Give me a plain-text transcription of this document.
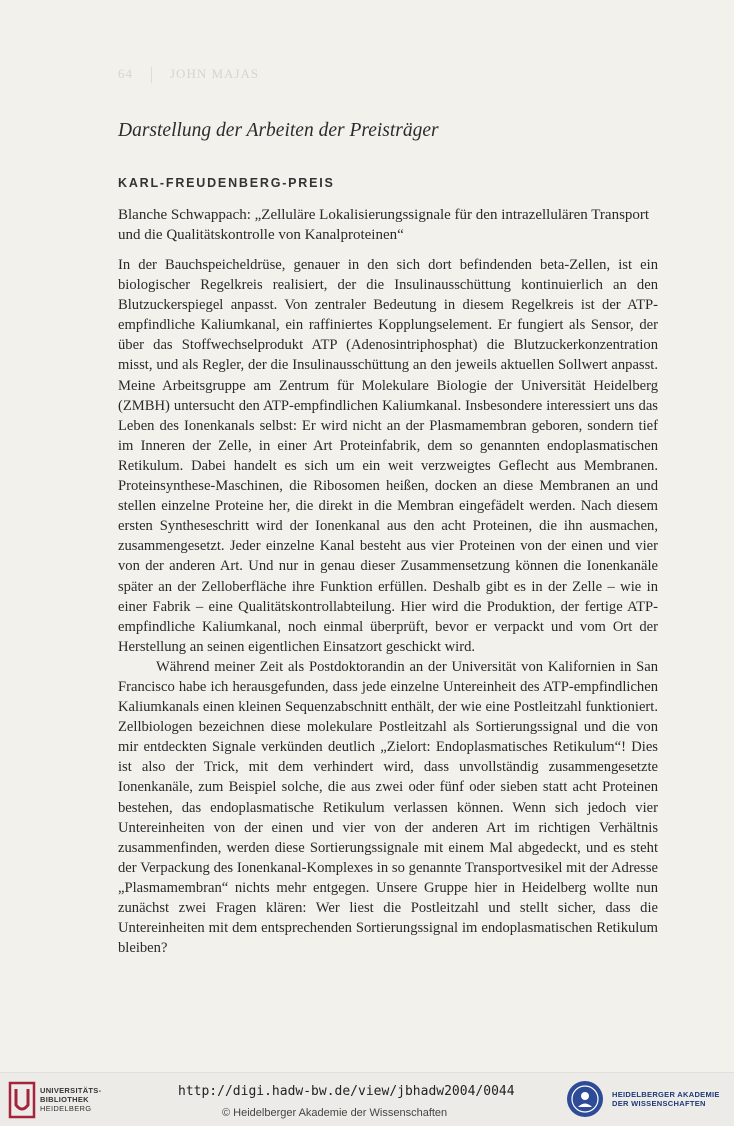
64	JOHN MAJAS
Darstellung der Arbeiten der Preisträger
KARL-FREUDENBERG-PREIS
Blanche Schwappach: „Zelluläre Lokalisierungssignale für den intrazellulären Transport und die Qualitätskontrolle von Kanalproteinen“

In der Bauchspeicheldrüse, genauer in den sich dort befindenden beta-Zellen, ist ein biologischer Regelkreis realisiert, der die Insulinausschüttung kontinuierlich an den Blutzuckerspiegel anpasst. Von zentraler Bedeutung in diesem Regelkreis ist der ATP-empfindliche Kaliumkanal, ein raffiniertes Kopplungselement. Er fungiert als Sensor, der über das Stoffwechselprodukt ATP (Adenosintriphosphat) die Blutzuckerkonzentration misst, und als Regler, der die Insulinausschüttung an den jeweils aktuellen Sollwert anpasst. Meine Arbeitsgruppe am Zentrum für Molekulare Biologie der Universität Heidelberg (ZMBH) untersucht den ATP-empfindlichen Kaliumkanal. Insbesondere interessiert uns das Leben des Ionenkanals selbst: Er wird nicht an der Plasmamembran geboren, sondern tief im Inneren der Zelle, in einer Art Proteinfabrik, dem so genannten endoplasmatischen Retikulum. Dabei handelt es sich um ein weit verzweigtes Geflecht aus Membranen. Proteinsynthese-Maschinen, die Ribosomen heißen, docken an diese Membranen an und stellen einzelne Proteine her, die direkt in die Membran eingefädelt werden. Nach diesem ersten Syntheseschritt wird der Ionenkanal aus den acht Proteinen, die ihn ausmachen, zusammengesetzt. Jeder einzelne Kanal besteht aus vier Proteinen von der einen und vier von der anderen Art. Und nur in genau dieser Zusammensetzung können die Ionenkanäle später an der Zelloberfläche ihre Funktion erfüllen. Deshalb gibt es in der Zelle – wie in einer Fabrik – eine Qualitätskontrollabteilung. Hier wird die Produktion, der fertige ATP-empfindliche Kaliumkanal, noch einmal überprüft, bevor er verpackt und vom Ort der Herstellung an seinen eigentlichen Einsatzort geschickt wird.

Während meiner Zeit als Postdoktorandin an der Universität von Kalifornien in San Francisco habe ich herausgefunden, dass jede einzelne Untereinheit des ATP-empfindlichen Kaliumkanals einen kleinen Sequenzabschnitt enthält, der wie eine Postleitzahl funktioniert. Zellbiologen bezeichnen diese molekulare Postleitzahl als Sortierungssignal und die von mir entdeckten Signale verkünden deutlich „Zielort: Endoplasmatisches Retikulum“! Dies ist also der Trick, mit dem verhindert wird, dass unvollständig zusammengesetzte Ionenkanäle, zum Beispiel solche, die aus zwei oder fünf oder sieben statt acht Proteinen bestehen, das endoplasmatische Retikulum verlassen können. Wenn sich jedoch vier Untereinheiten von der einen und vier von der anderen Art im richtigen Verhältnis zusammenfinden, werden diese Sortierungssignale mit einem Mal abgedeckt, und es steht der Verpackung des Ionenkanal-Komplexes in so genannte Transportvesikel mit der Adresse „Plasmamembran“ nichts mehr entgegen. Unsere Gruppe hier in Heidelberg wollte nun zunächst zwei Fragen klären: Wer liest die Postleitzahl und stellt sicher, dass die Untereinheiten mit dem entsprechenden Sortierungssignal im endoplasmatischen Retikulum bleiben?

UNIVERSITÄTS-
BIBLIOTHEK
HEIDELBERG
http://digi.hadw-bw.de/view/jbhadw2004/0044
© Heidelberger Akademie der Wissenschaften
HEIDELBERGER AKADEMIE
DER WISSENSCHAFTEN
